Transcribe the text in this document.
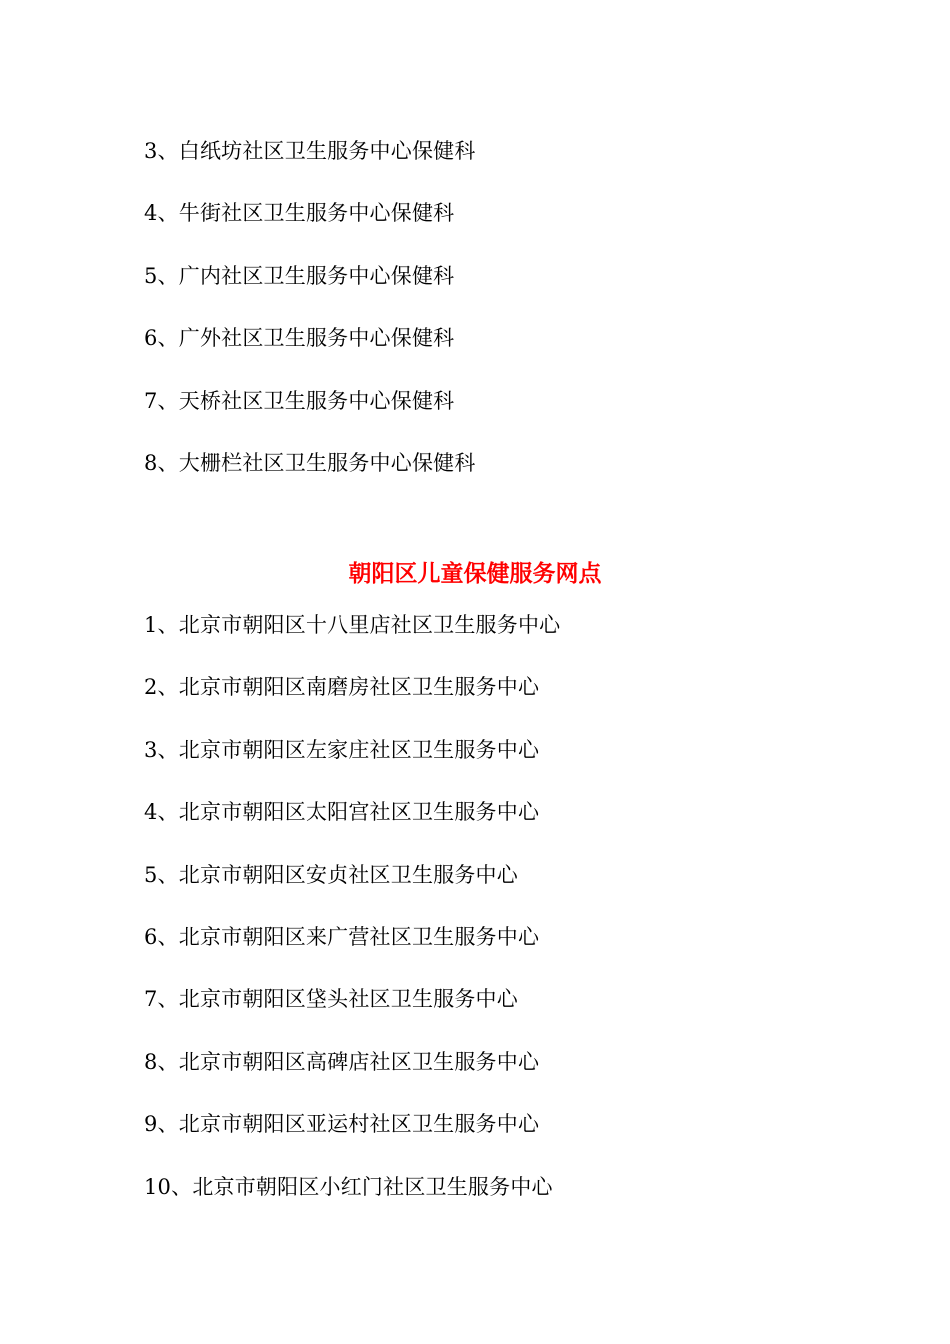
3、白纸坊社区卫生服务中心保健科
4、牛街社区卫生服务中心保健科
5、广内社区卫生服务中心保健科
6、广外社区卫生服务中心保健科
7、天桥社区卫生服务中心保健科
8、大栅栏社区卫生服务中心保健科
朝阳区儿童保健服务网点
1、北京市朝阳区十八里店社区卫生服务中心
2、北京市朝阳区南磨房社区卫生服务中心
3、北京市朝阳区左家庄社区卫生服务中心
4、北京市朝阳区太阳宫社区卫生服务中心
5、北京市朝阳区安贞社区卫生服务中心
6、北京市朝阳区来广营社区卫生服务中心
7、北京市朝阳区垡头社区卫生服务中心
8、北京市朝阳区高碑店社区卫生服务中心
9、北京市朝阳区亚运村社区卫生服务中心
10、北京市朝阳区小红门社区卫生服务中心
